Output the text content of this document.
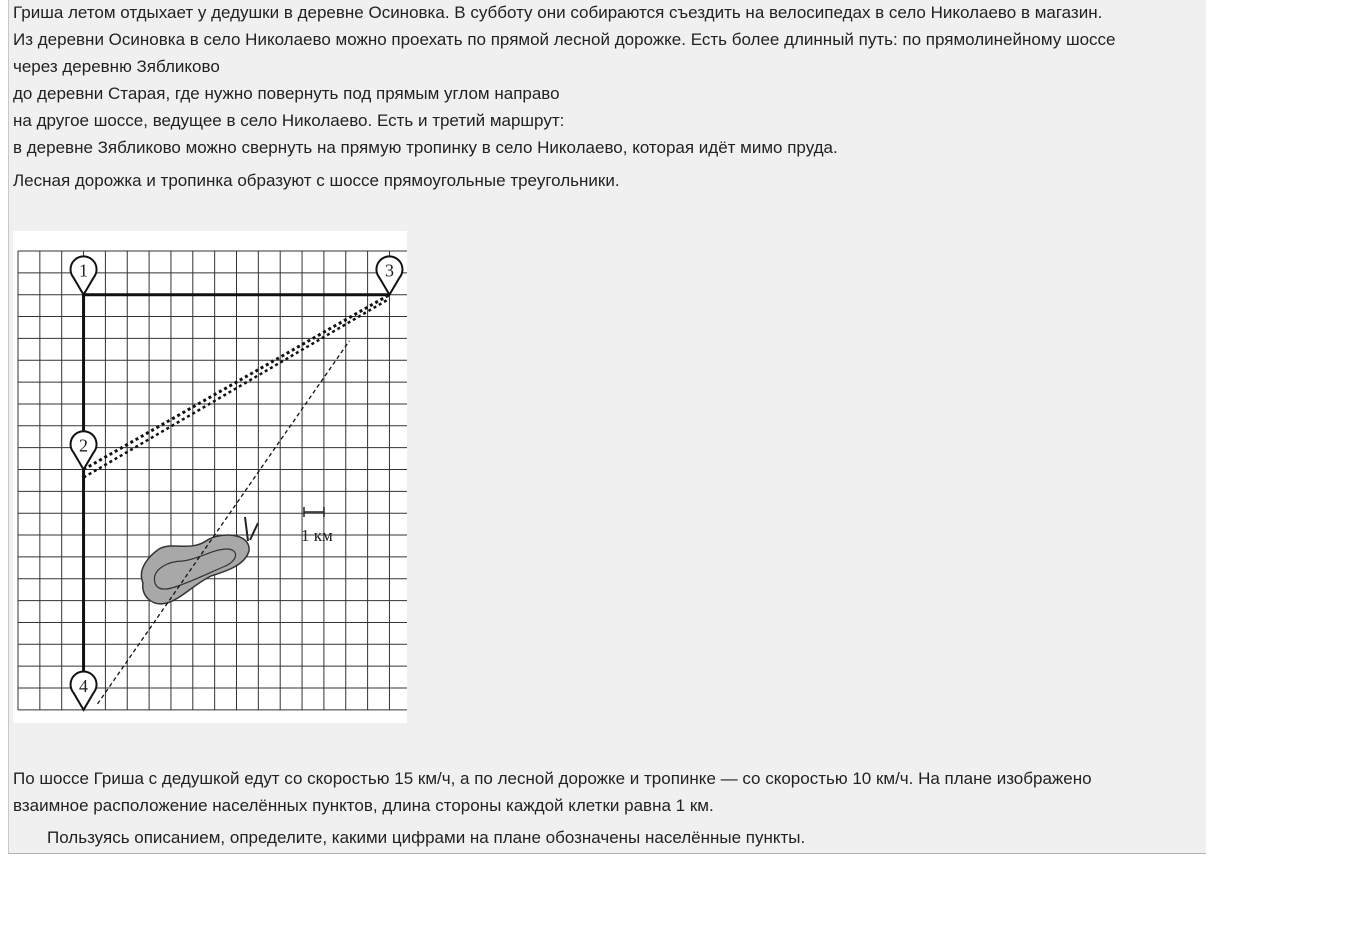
Гриша летом отдыхает у дедушки в деревне Осиновка. В субботу они собираются съездить на велосипедах в село Николаево в магазин.
Из деревни Осиновка в село Николаево можно проехать по прямой лесной дорожке. Есть более длинный путь: по прямолинейному шоссе
через деревню Зябликово
до деревни Старая, где нужно повернуть под прямым углом направо
на другое шоссе, ведущее в село Николаево. Есть и третий маршрут:
в деревне Зябликово можно свернуть на прямую тропинку в село Николаево, которая идёт мимо пруда.
Лесная дорожка и тропинка образуют с шоссе прямоугольные треугольники.
1
2
3
4
1 км
По шоссе Гриша с дедушкой едут со скоростью 15 км/ч, а по лесной дорожке и тропинке — со скоростью 10 км/ч. На плане изображено
взаимное расположение населённых пунктов, длина стороны каждой клетки равна 1 км.
Пользуясь описанием, определите, какими цифрами на плане обозначены населённые пункты.
